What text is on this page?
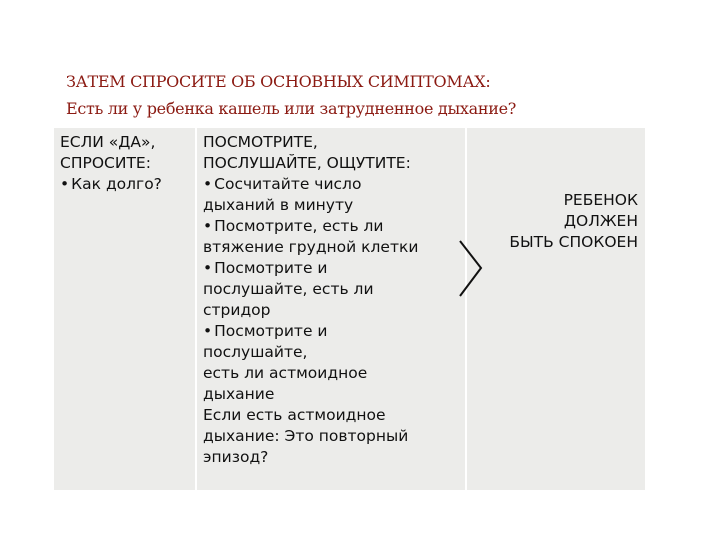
ЗАТЕМ СПРОСИТЕ ОБ ОСНОВНЫХ СИМПТОМАХ:
Есть ли у ребенка кашель или затрудненное дыхание?
ЕСЛИ «ДА»,
СПРОСИТЕ:
• Как долго?
ПОСМОТРИТЕ,
ПОСЛУШАЙТЕ, ОЩУТИТЕ:
• Сосчитайте число
дыханий в минуту
• Посмотрите, есть ли
втяжение грудной клетки
• Посмотрите и
послушайте, есть ли
стридор
• Посмотрите и
послушайте,
есть ли астмоидное
дыхание
Если есть астмоидное
дыхание: Это повторный
эпизод?
РЕБЕНОК
ДОЛЖЕН
БЫТЬ СПОКОЕН
